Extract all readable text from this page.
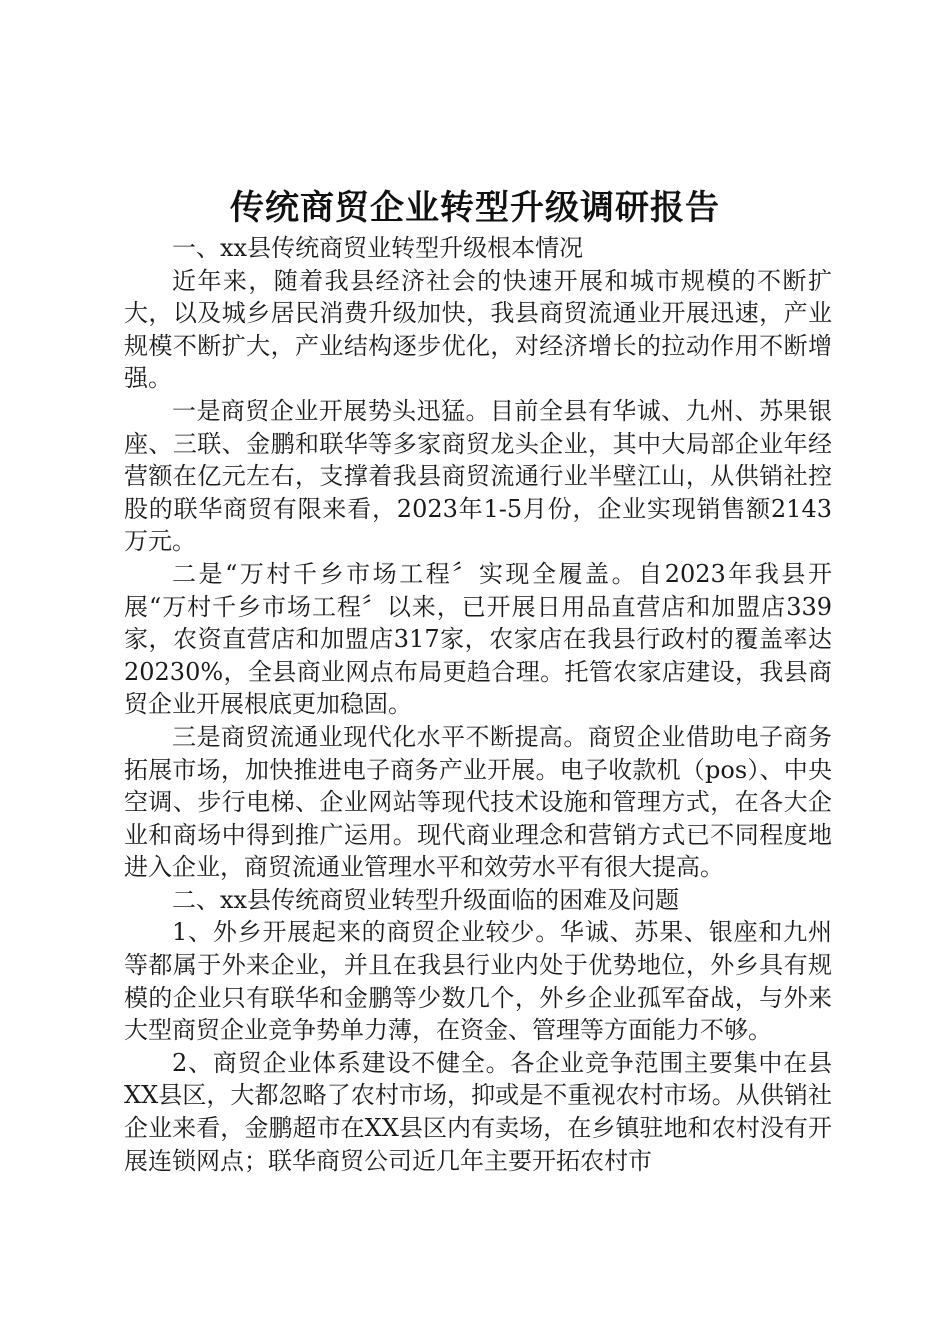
传统商贸企业转型升级调研报告

一、xx县传统商贸业转型升级根本情况

近年来，随着我县经济社会的快速开展和城市规模的不断扩大，以及城乡居民消费升级加快，我县商贸流通业开展迅速，产业规模不断扩大，产业结构逐步优化，对经济增长的拉动作用不断增强。

一是商贸企业开展势头迅猛。目前全县有华诚、九州、苏果银座、三联、金鹏和联华等多家商贸龙头企业，其中大局部企业年经营额在亿元左右，支撑着我县商贸流通行业半壁江山，从供销社控股的联华商贸有限来看，2023年1-5月份，企业实现销售额2143万元。

二是“万村千乡市场工程〞实现全履盖。自2023年我县开展“万村千乡市场工程〞以来，已开展日用品直营店和加盟店339家，农资直营店和加盟店317家，农家店在我县行政村的覆盖率达20230%，全县商业网点布局更趋合理。托管农家店建设，我县商贸企业开展根底更加稳固。

三是商贸流通业现代化水平不断提高。商贸企业借助电子商务拓展市场，加快推进电子商务产业开展。电子收款机（pos）、中央空调、步行电梯、企业网站等现代技术设施和管理方式，在各大企业和商场中得到推广运用。现代商业理念和营销方式已不同程度地进入企业，商贸流通业管理水平和效劳水平有很大提高。

二、xx县传统商贸业转型升级面临的困难及问题

1、外乡开展起来的商贸企业较少。华诚、苏果、银座和九州等都属于外来企业，并且在我县行业内处于优势地位，外乡具有规模的企业只有联华和金鹏等少数几个，外乡企业孤军奋战，与外来大型商贸企业竞争势单力薄，在资金、管理等方面能力不够。

2、商贸企业体系建设不健全。各企业竞争范围主要集中在县XX县区，大都忽略了农村市场，抑或是不重视农村市场。从供销社企业来看，金鹏超市在XX县区内有卖场，在乡镇驻地和农村没有开展连锁网点；联华商贸公司近几年主要开拓农村市
